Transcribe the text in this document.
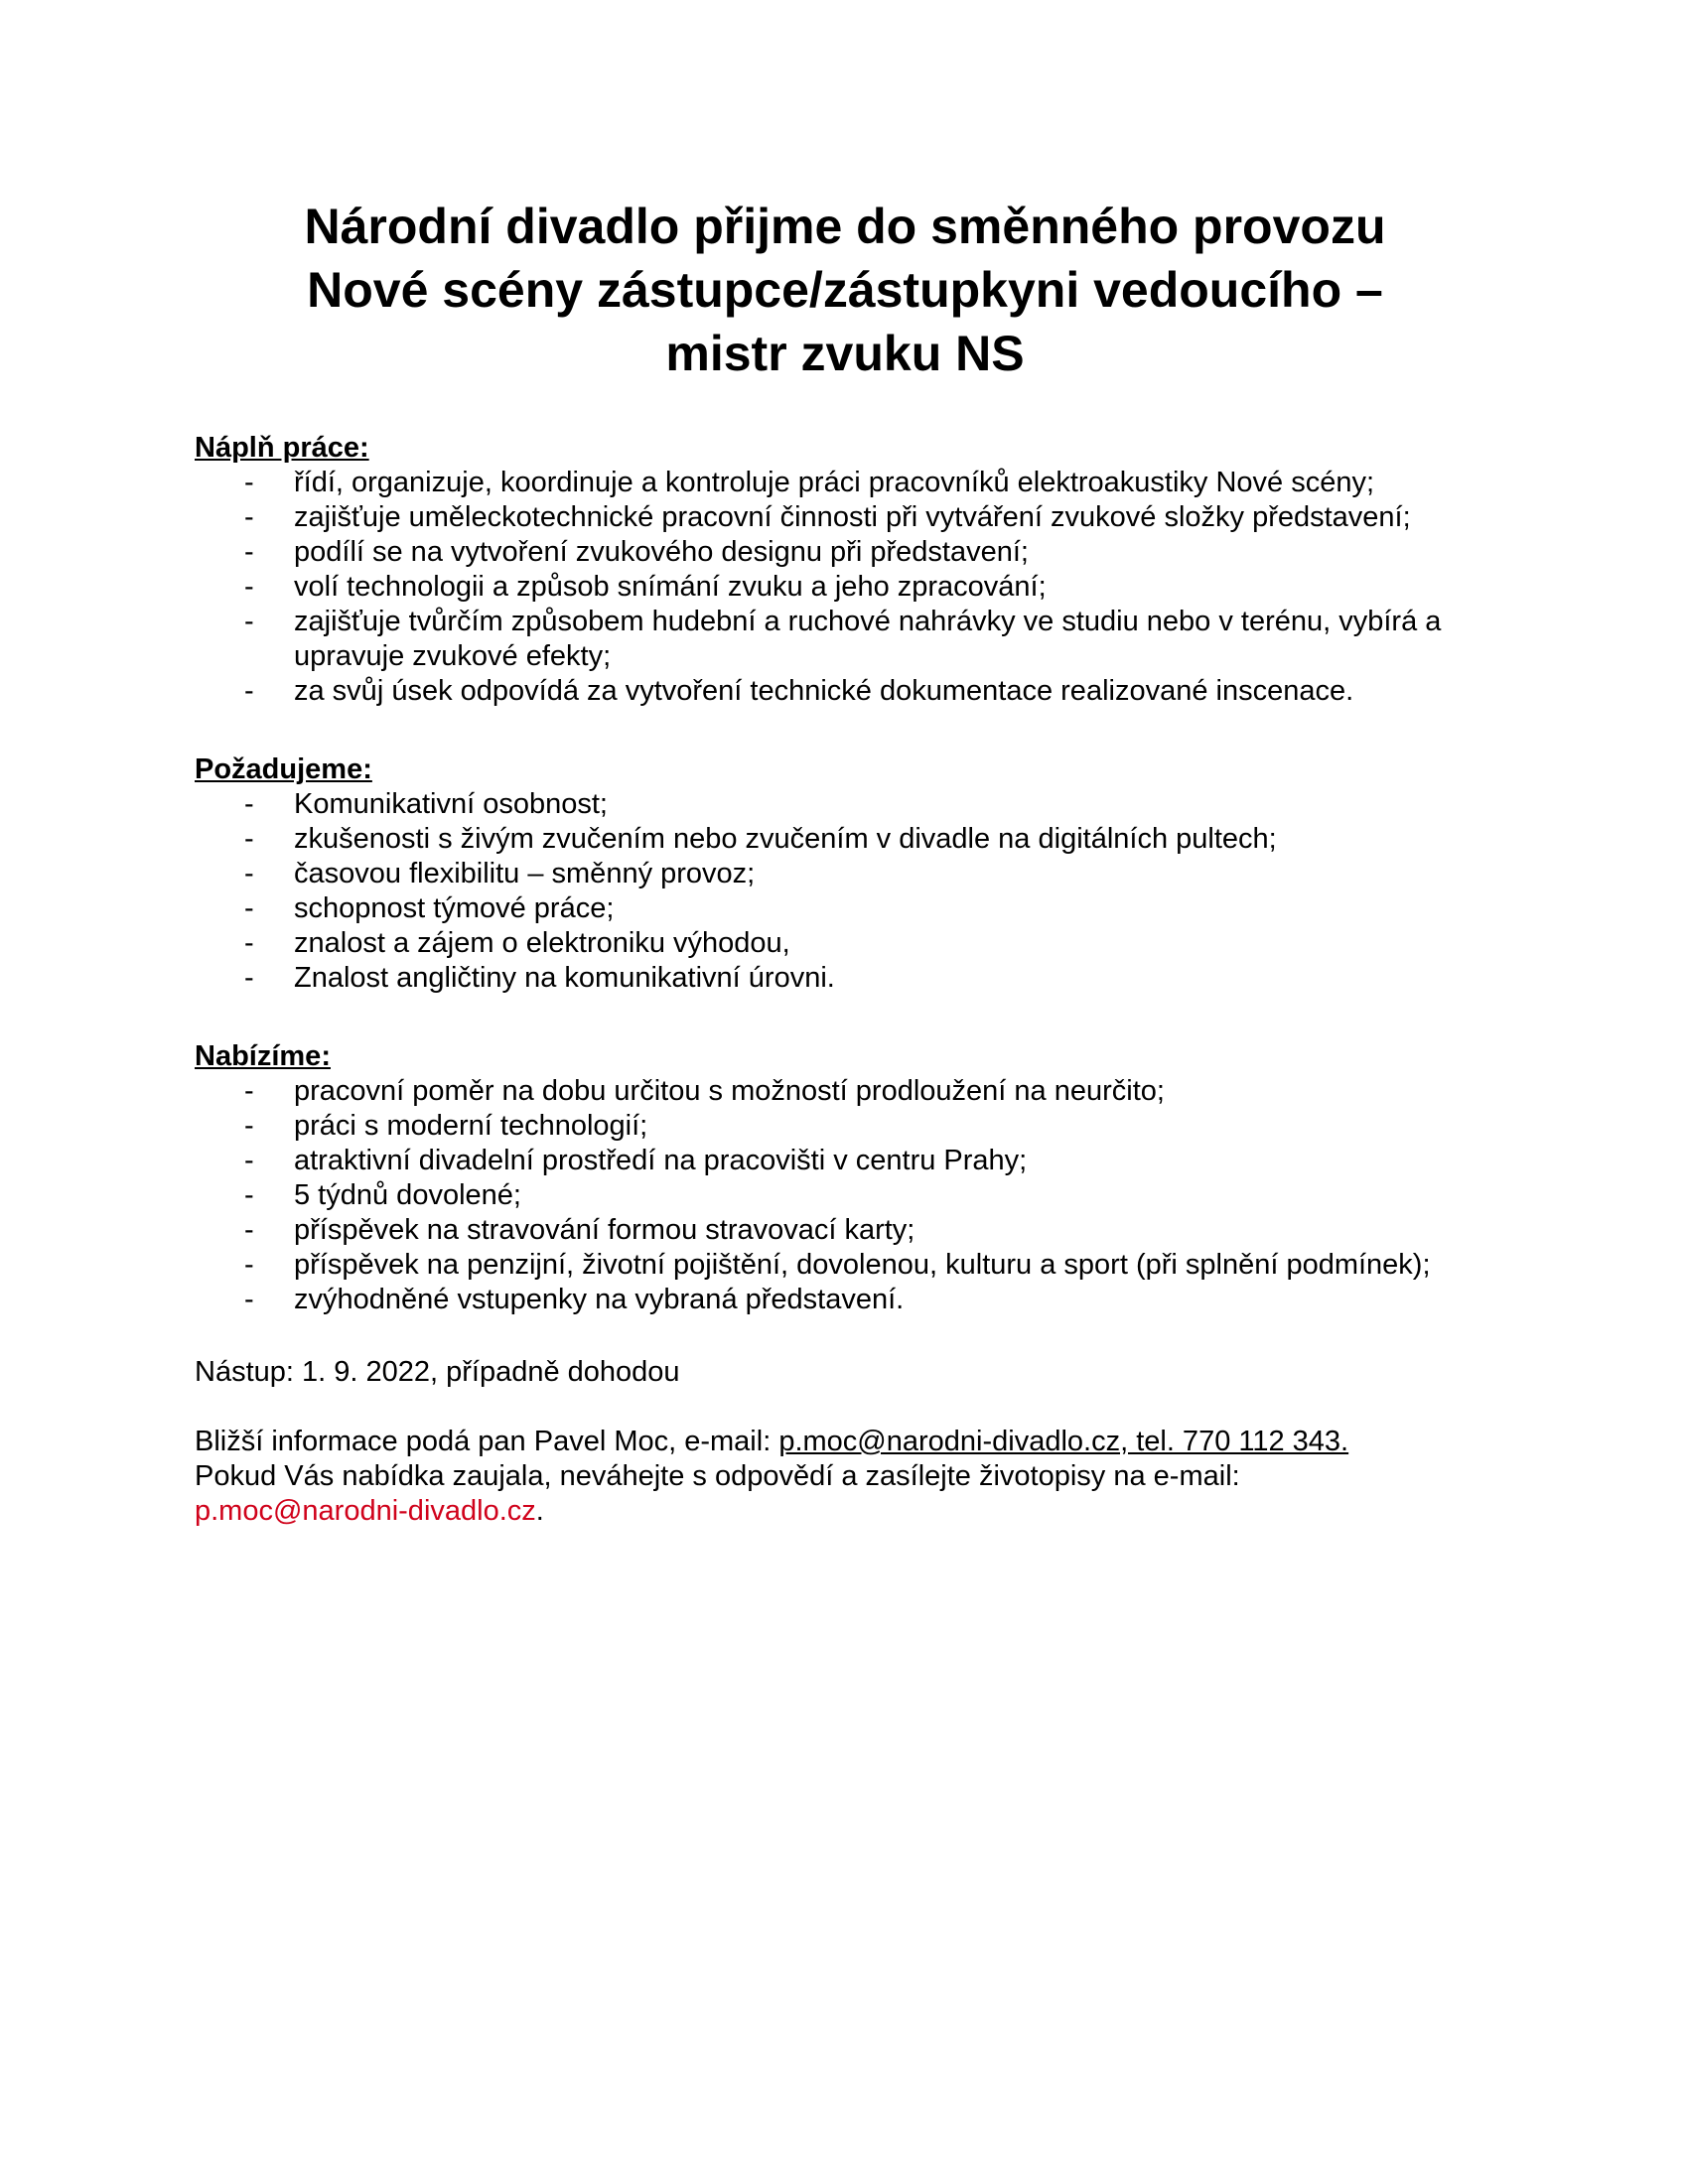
Národní divadlo přijme do směnného provozu
Nové scény zástupce/zástupkyni vedoucího –
mistr zvuku NS

Náplň práce:

- řídí, organizuje, koordinuje a kontroluje práci pracovníků elektroakustiky Nové scény;
- zajišťuje uměleckotechnické pracovní činnosti při vytváření zvukové složky představení;
- podílí se na vytvoření zvukového designu při představení;
- volí technologii a způsob snímání zvuku a jeho zpracování;
- zajišťuje tvůrčím způsobem hudební a ruchové nahrávky ve studiu nebo v terénu, vybírá a upravuje zvukové efekty;
- za svůj úsek odpovídá za vytvoření technické dokumentace realizované inscenace.

Požadujeme:

- Komunikativní osobnost;
- zkušenosti s živým zvučením nebo zvučením v divadle na digitálních pultech;
- časovou flexibilitu – směnný provoz;
- schopnost týmové práce;
- znalost a zájem o elektroniku výhodou,
- Znalost angličtiny na komunikativní úrovni.

Nabízíme:

- pracovní poměr na dobu určitou s možností prodloužení na neurčito;
- práci s moderní technologií;
- atraktivní divadelní prostředí na pracovišti v centru Prahy;
- 5 týdnů dovolené;
- příspěvek na stravování formou stravovací karty;
- příspěvek na penzijní, životní pojištění, dovolenou, kulturu a sport (při splnění podmínek);
- zvýhodněné vstupenky na vybraná představení.

Nástup: 1. 9. 2022, případně dohodou

Bližší informace podá pan Pavel Moc, e-mail: p.moc@narodni-divadlo.cz, tel. 770 112 343.

Pokud Vás nabídka zaujala, neváhejte s odpovědí a zasílejte životopisy na e-mail:

p.moc@narodni-divadlo.cz.
